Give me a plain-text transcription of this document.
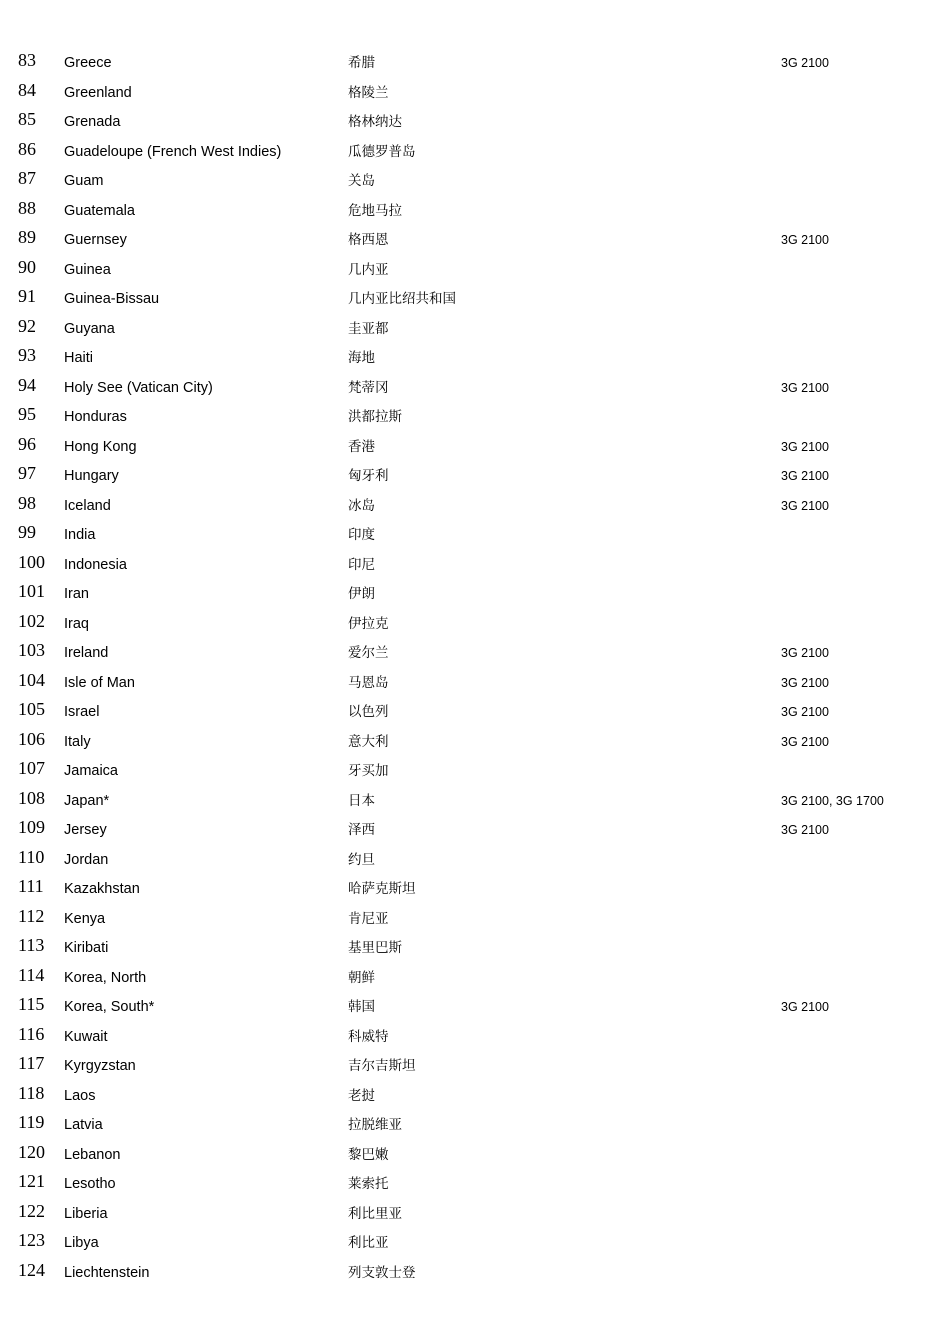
83	Greece	希腊	3G 2100
84	Greenland	格陵兰
85	Grenada	格林纳达
86	Guadeloupe (French West Indies)	瓜德罗普岛
87	Guam	关岛
88	Guatemala	危地马拉
89	Guernsey	格西恩	3G 2100
90	Guinea	几内亚
91	Guinea-Bissau	几内亚比绍共和国
92	Guyana	圭亚都
93	Haiti	海地
94	Holy See (Vatican City)	梵蒂冈	3G 2100
95	Honduras	洪都拉斯
96	Hong Kong	香港	3G 2100
97	Hungary	匈牙利	3G 2100
98	Iceland	冰岛	3G 2100
99	India	印度
100	Indonesia	印尼
101	Iran	伊朗
102	Iraq	伊拉克
103	Ireland	爱尔兰	3G 2100
104	Isle of Man	马恩岛	3G 2100
105	Israel	以色列	3G 2100
106	Italy	意大利	3G 2100
107	Jamaica	牙买加
108	Japan*	日本	3G 2100, 3G 1700
109	Jersey	泽西	3G 2100
110	Jordan	约旦
111	Kazakhstan	哈萨克斯坦
112	Kenya	肯尼亚
113	Kiribati	基里巴斯
114	Korea, North	朝鲜
115	Korea, South*	韩国	3G 2100
116	Kuwait	科威特
117	Kyrgyzstan	吉尔吉斯坦
118	Laos	老挝
119	Latvia	拉脱维亚
120	Lebanon	黎巴嫩
121	Lesotho	莱索托
122	Liberia	利比里亚
123	Libya	利比亚
124	Liechtenstein	列支敦士登
